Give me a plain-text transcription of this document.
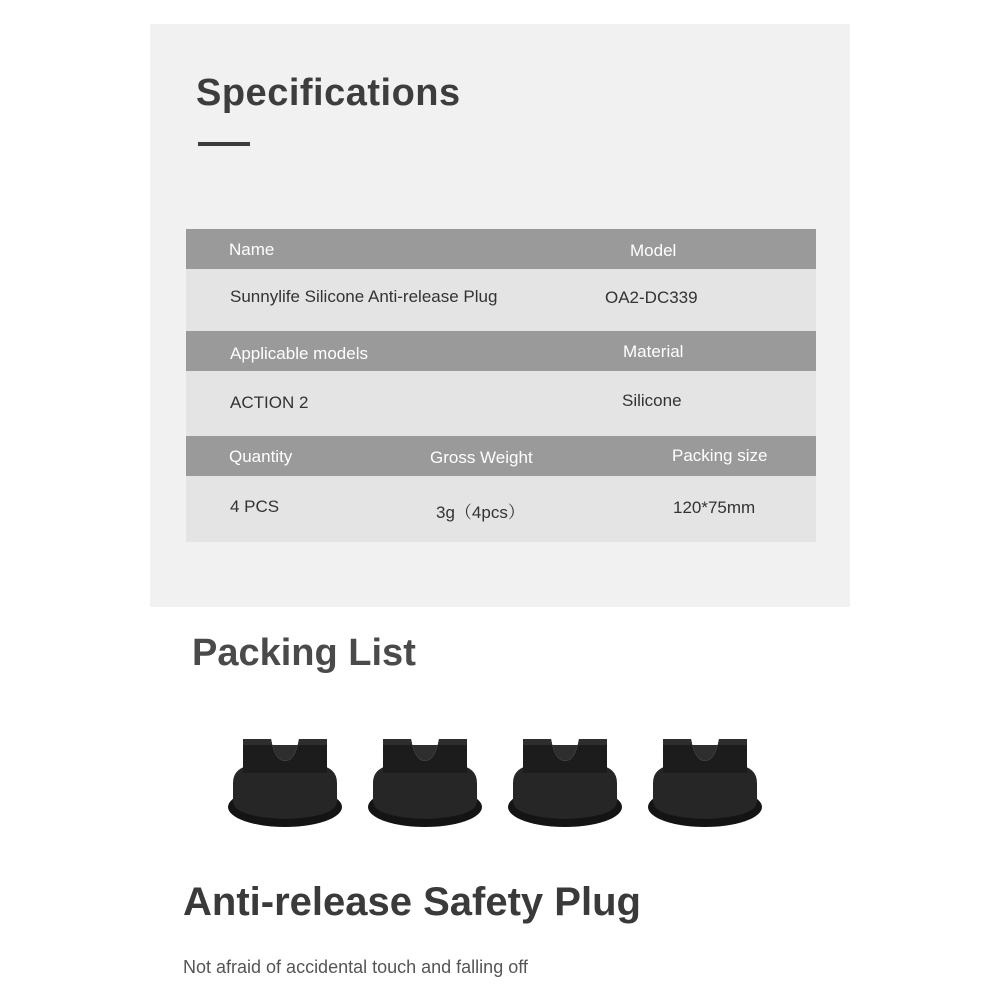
Specifications
Name	Model
Sunnylife Silicone Anti-release Plug	OA2-DC339
Applicable models	Material
ACTION 2	Silicone
Quantity	Gross Weight	Packing size
4 PCS	3g（4pcs）	120*75mm
Packing List
Anti-release Safety Plug

Not afraid of accidental touch and falling off
